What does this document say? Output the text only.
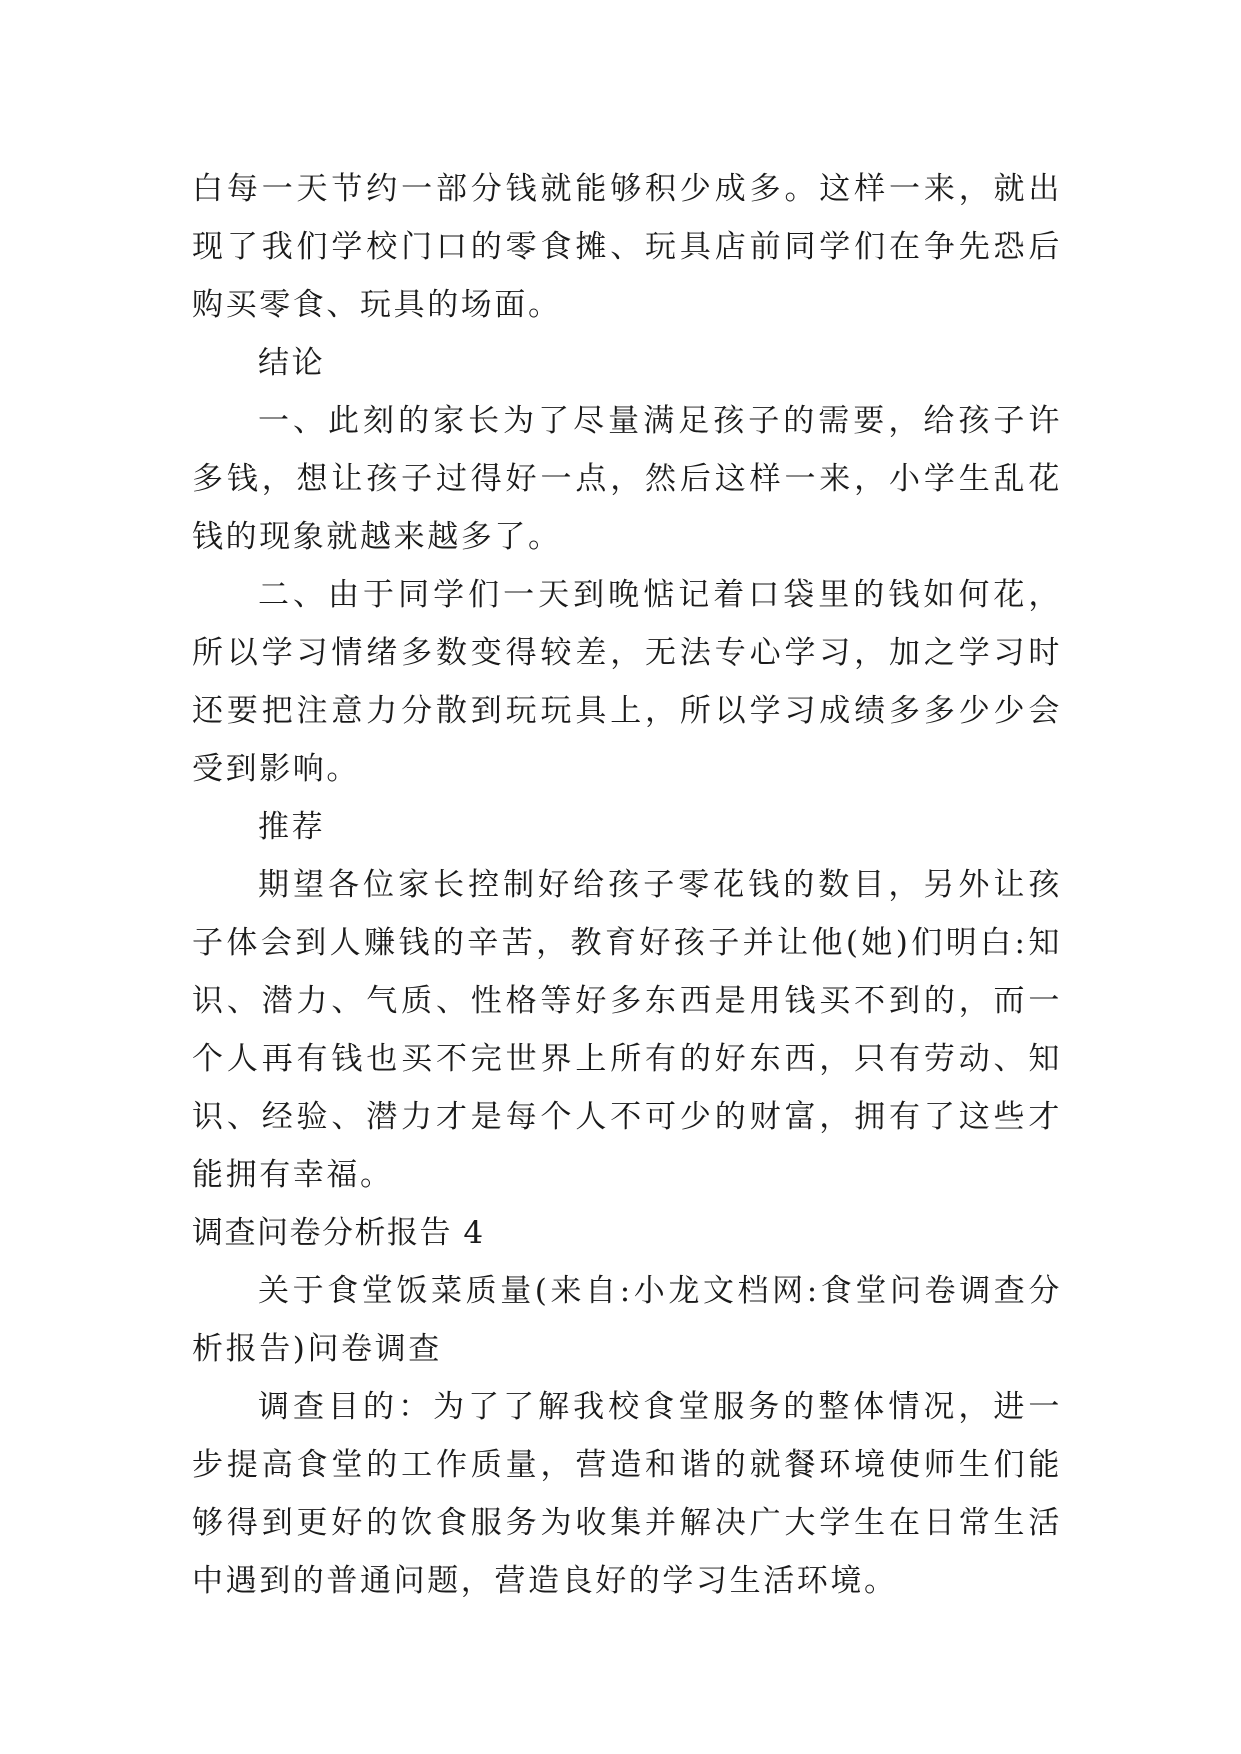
白每一天节约一部分钱就能够积少成多。这样一来，就出现了我们学校门口的零食摊、玩具店前同学们在争先恐后购买零食、玩具的场面。

结论

一、此刻的家长为了尽量满足孩子的需要，给孩子许多钱，想让孩子过得好一点，然后这样一来，小学生乱花钱的现象就越来越多了。

二、由于同学们一天到晚惦记着口袋里的钱如何花，所以学习情绪多数变得较差，无法专心学习，加之学习时还要把注意力分散到玩玩具上，所以学习成绩多多少少会受到影响。

推荐

期望各位家长控制好给孩子零花钱的数目，另外让孩子体会到人赚钱的辛苦，教育好孩子并让他(她)们明白:知识、潜力、气质、性格等好多东西是用钱买不到的，而一个人再有钱也买不完世界上所有的好东西，只有劳动、知识、经验、潜力才是每个人不可少的财富，拥有了这些才能拥有幸福。

调查问卷分析报告 4

关于食堂饭菜质量(来自:小龙文档网:食堂问卷调查分析报告)问卷调查

调查目的：为了了解我校食堂服务的整体情况，进一步提高食堂的工作质量，营造和谐的就餐环境使师生们能够得到更好的饮食服务为收集并解决广大学生在日常生活中遇到的普通问题，营造良好的学习生活环境。
